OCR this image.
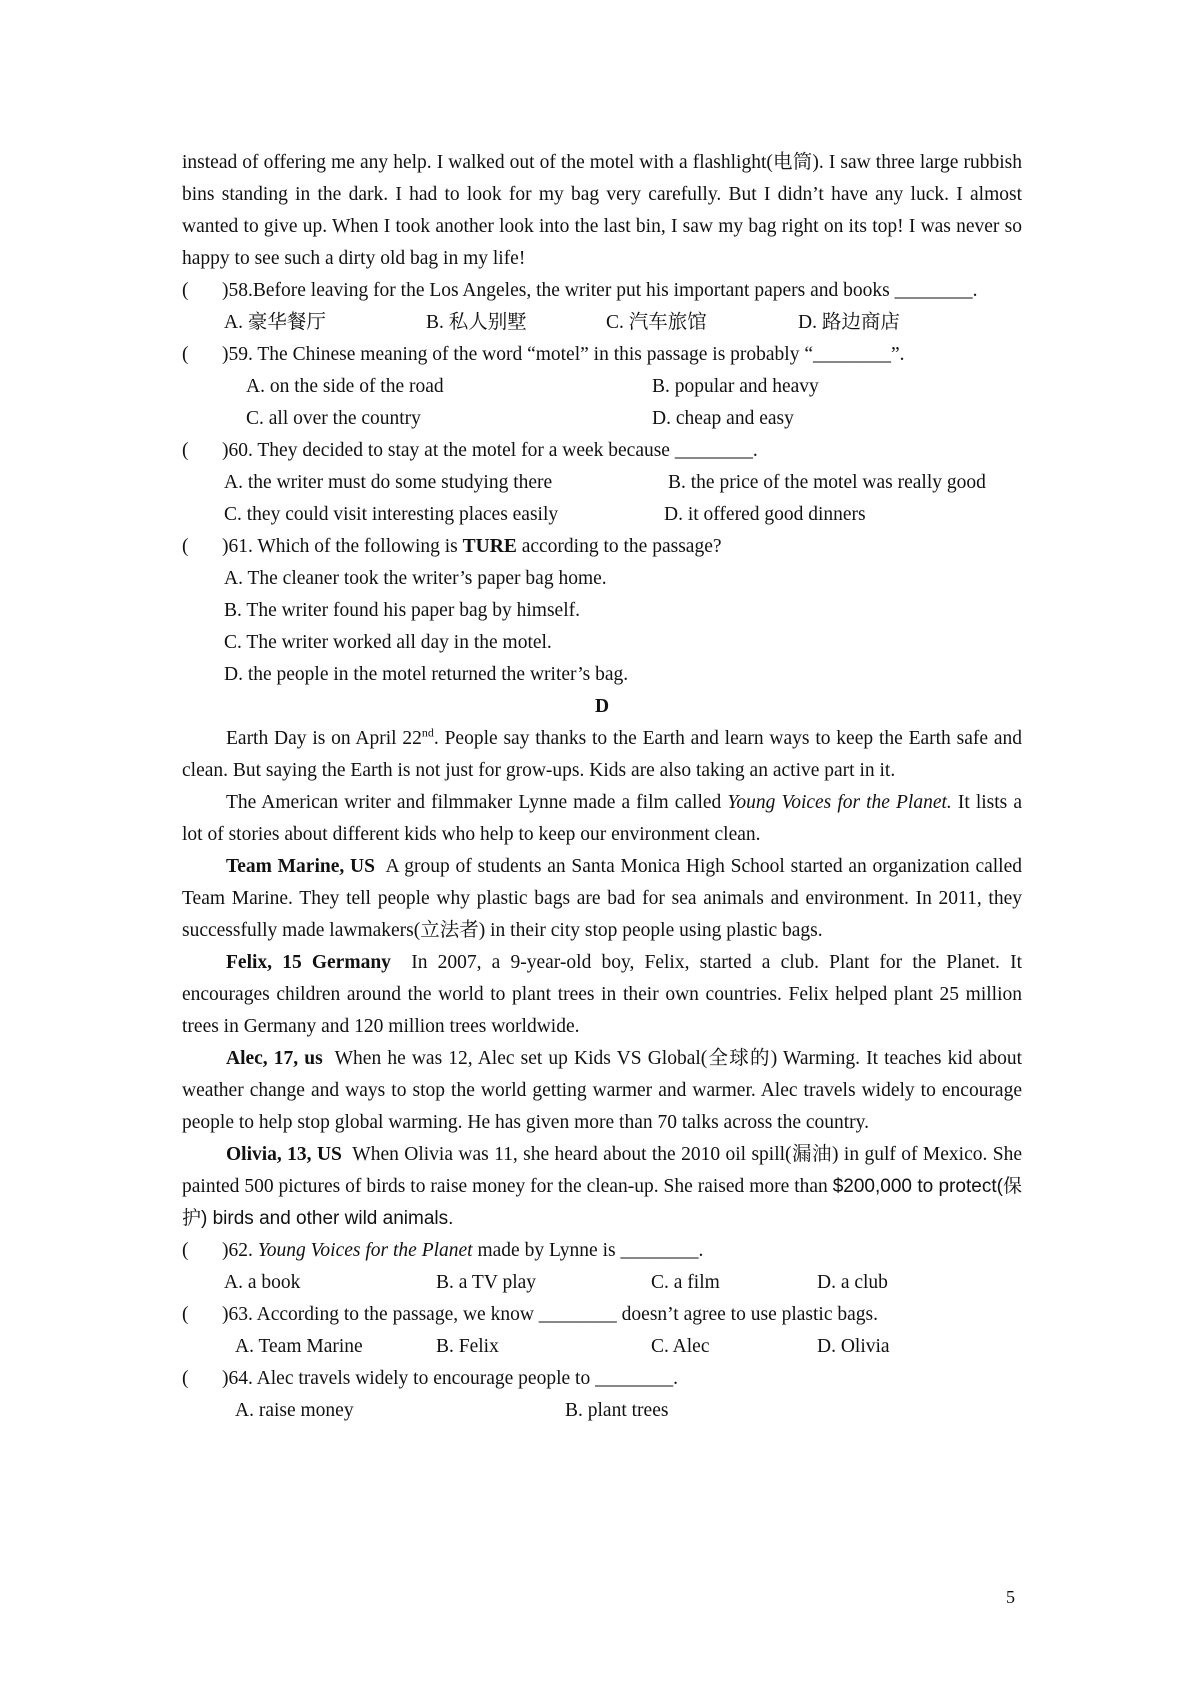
instead of offering me any help. I walked out of the motel with a flashlight(电筒). I saw three large rubbish bins standing in the dark. I had to look for my bag very carefully. But I didn’t have any luck. I almost wanted to give up. When I took another look into the last bin, I saw my bag right on its top! I was never so happy to see such a dirty old bag in my life!

(	)58.Before leaving for the Los Angeles, the writer put his important papers and books ________.
A. 豪华餐厅	B. 私人别墅	C. 汽车旅馆	D. 路边商店
(	)59. The Chinese meaning of the word “motel” in this passage is probably “________”.
A. on the side of the road	B. popular and heavy
C. all over the country	D. cheap and easy
(	)60. They decided to stay at the motel for a week because ________.
A. the writer must do some studying there	B. the price of the motel was really good
C. they could visit interesting places easily	D. it offered good dinners
(	)61. Which of the following is TURE according to the passage?

A. The cleaner took the writer’s paper bag home.

B. The writer found his paper bag by himself.

C. The writer worked all day in the motel.

D. the people in the motel returned the writer’s bag.

D

Earth Day is on April 22nd. People say thanks to the Earth and learn ways to keep the Earth safe and clean. But saying the Earth is not just for grow-ups. Kids are also taking an active part in it.

The American writer and filmmaker Lynne made a film called Young Voices for the Planet. It lists a lot of stories about different kids who help to keep our environment clean.

Team Marine, US  A group of students an Santa Monica High School started an organization called Team Marine. They tell people why plastic bags are bad for sea animals and environment. In 2011, they successfully made lawmakers(立法者) in their city stop people using plastic bags.

Felix, 15 Germany  In 2007, a 9-year-old boy, Felix, started a club. Plant for the Planet. It encourages children around the world to plant trees in their own countries. Felix helped plant 25 million trees in Germany and 120 million trees worldwide.

Alec, 17, us  When he was 12, Alec set up Kids VS Global(全球的) Warming. It teaches kid about weather change and ways to stop the world getting warmer and warmer. Alec travels widely to encourage people to help stop global warming. He has given more than 70 talks across the country.

Olivia, 13, US  When Olivia was 11, she heard about the 2010 oil spill(漏油) in gulf of Mexico. She painted 500 pictures of birds to raise money for the clean-up. She raised more than $200,000 to protect(保护) birds and other wild animals.

(	)62. Young Voices for the Planet made by Lynne is ________.
A. a book	B. a TV play	C. a film	D. a club
(	)63. According to the passage, we know ________ doesn’t agree to use plastic bags.
A. Team Marine	B. Felix	C. Alec	D. Olivia
(	)64. Alec travels widely to encourage people to ________.
A. raise money	B. plant trees
5
